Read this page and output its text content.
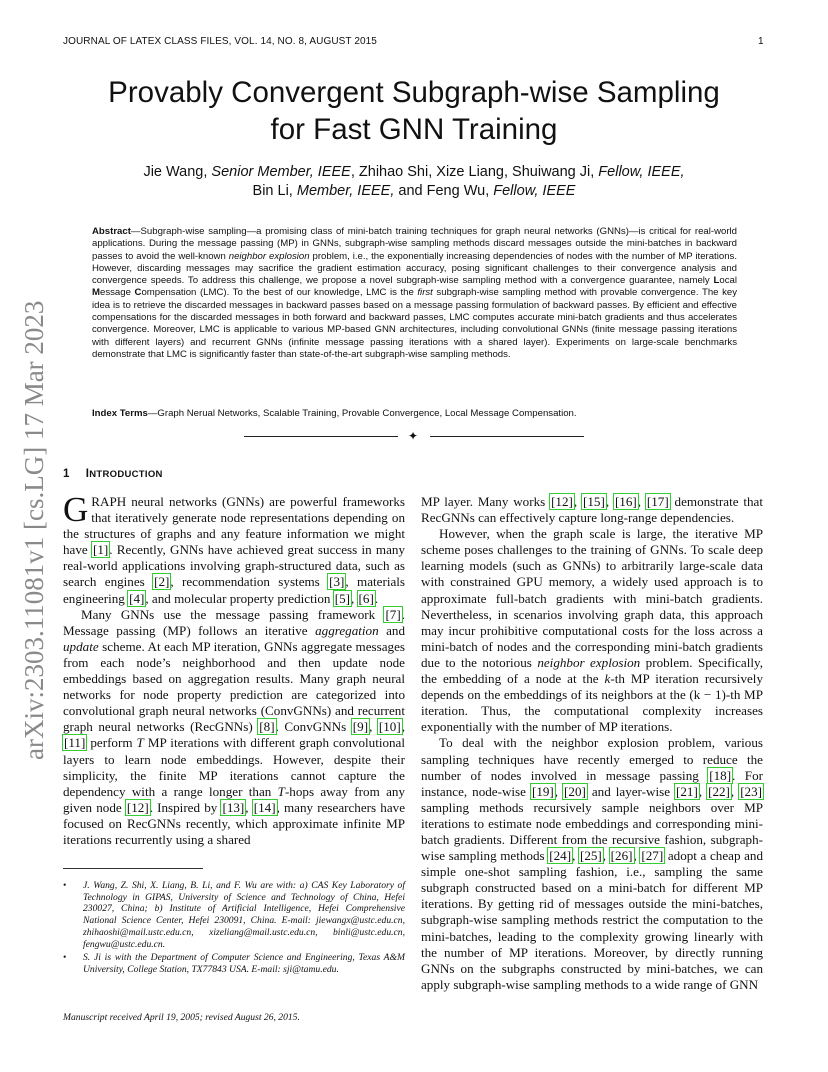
JOURNAL OF LATEX CLASS FILES, VOL. 14, NO. 8, AUGUST 2015	1
arXiv:2303.11081v1 [cs.LG] 17 Mar 2023
Provably Convergent Subgraph-wise Sampling
for Fast GNN Training
Jie Wang, Senior Member, IEEE, Zhihao Shi, Xize Liang, Shuiwang Ji, Fellow, IEEE,
Bin Li, Member, IEEE, and Feng Wu, Fellow, IEEE
Abstract—Subgraph-wise sampling—a promising class of mini-batch training techniques for graph neural networks (GNNs)—is critical for real-world applications. During the message passing (MP) in GNNs, subgraph-wise sampling methods discard messages outside the mini-batches in backward passes to avoid the well-known neighbor explosion problem, i.e., the exponentially increasing dependencies of nodes with the number of MP iterations. However, discarding messages may sacrifice the gradient estimation accuracy, posing significant challenges to their convergence analysis and convergence speeds. To address this challenge, we propose a novel subgraph-wise sampling method with a convergence guarantee, namely Local Message Compensation (LMC). To the best of our knowledge, LMC is the first subgraph-wise sampling method with provable convergence. The key idea is to retrieve the discarded messages in backward passes based on a message passing formulation of backward passes. By efficient and effective compensations for the discarded messages in both forward and backward passes, LMC computes accurate mini-batch gradients and thus accelerates convergence. Moreover, LMC is applicable to various MP-based GNN architectures, including convolutional GNNs (finite message passing iterations with different layers) and recurrent GNNs (infinite message passing iterations with a shared layer). Experiments on large-scale benchmarks demonstrate that LMC is significantly faster than state-of-the-art subgraph-wise sampling methods.
Index Terms—Graph Nerual Networks, Scalable Training, Provable Convergence, Local Message Compensation.
✦
1 INTRODUCTION

GRAPH neural networks (GNNs) are powerful frameworks that iteratively generate node representations depending on the structures of graphs and any feature information we might have [1]. Recently, GNNs have achieved great success in many real-world applications involving graph-structured data, such as search engines [2], recommendation systems [3], materials engineering [4], and molecular property prediction [5], [6].

Many GNNs use the message passing framework [7]. Message passing (MP) follows an iterative aggregation and update scheme. At each MP iteration, GNNs aggregate messages from each node’s neighborhood and then update node embeddings based on aggregation results. Many graph neural networks for node property prediction are categorized into convolutional graph neural networks (ConvGNNs) and recurrent graph neural networks (RecGNNs) [8]. ConvGNNs [9], [10], [11] perform T MP iterations with different graph convolutional layers to learn node embeddings. However, despite their simplicity, the finite MP iterations cannot capture the dependency with a range longer than T-hops away from any given node [12]. Inspired by [13], [14], many researchers have focused on RecGNNs recently, which approximate infinite MP iterations recurrently using a shared

• J. Wang, Z. Shi, X. Liang, B. Li, and F. Wu are with: a) CAS Key Laboratory of Technology in GIPAS, University of Science and Technology of China, Hefei 230027, China; b) Institute of Artificial Intelligence, Hefei Comprehensive National Science Center, Hefei 230091, China. E-mail: jiewangx@ustc.edu.cn, zhihaoshi@mail.ustc.edu.cn, xizeliang@mail.ustc.edu.cn, binli@ustc.edu.cn, fengwu@ustc.edu.cn.
• S. Ji is with the Department of Computer Science and Engineering, Texas A&M University, College Station, TX77843 USA. E-mail: sji@tamu.edu.
Manuscript received April 19, 2005; revised August 26, 2015.

MP layer. Many works [12], [15], [16], [17] demonstrate that RecGNNs can effectively capture long-range dependencies.

However, when the graph scale is large, the iterative MP scheme poses challenges to the training of GNNs. To scale deep learning models (such as GNNs) to arbitrarily large-scale data with constrained GPU memory, a widely used approach is to approximate full-batch gradients with mini-batch gradients. Nevertheless, in scenarios involving graph data, this approach may incur prohibitive computational costs for the loss across a mini-batch of nodes and the corresponding mini-batch gradients due to the notorious neighbor explosion problem. Specifically, the embedding of a node at the k-th MP iteration recursively depends on the embeddings of its neighbors at the (k − 1)-th MP iteration. Thus, the computational complexity increases exponentially with the number of MP iterations.

To deal with the neighbor explosion problem, various sampling techniques have recently emerged to reduce the number of nodes involved in message passing [18]. For instance, node-wise [19], [20] and layer-wise [21], [22], [23] sampling methods recursively sample neighbors over MP iterations to estimate node embeddings and corresponding mini-batch gradients. Different from the recursive fashion, subgraph-wise sampling methods [24], [25], [26], [27] adopt a cheap and simple one-shot sampling fashion, i.e., sampling the same subgraph constructed based on a mini-batch for different MP iterations. By getting rid of messages outside the mini-batches, subgraph-wise sampling methods restrict the computation to the mini-batches, leading to the complexity growing linearly with the number of MP iterations. Moreover, by directly running GNNs on the subgraphs constructed by mini-batches, we can apply subgraph-wise sampling methods to a wide range of GNN
